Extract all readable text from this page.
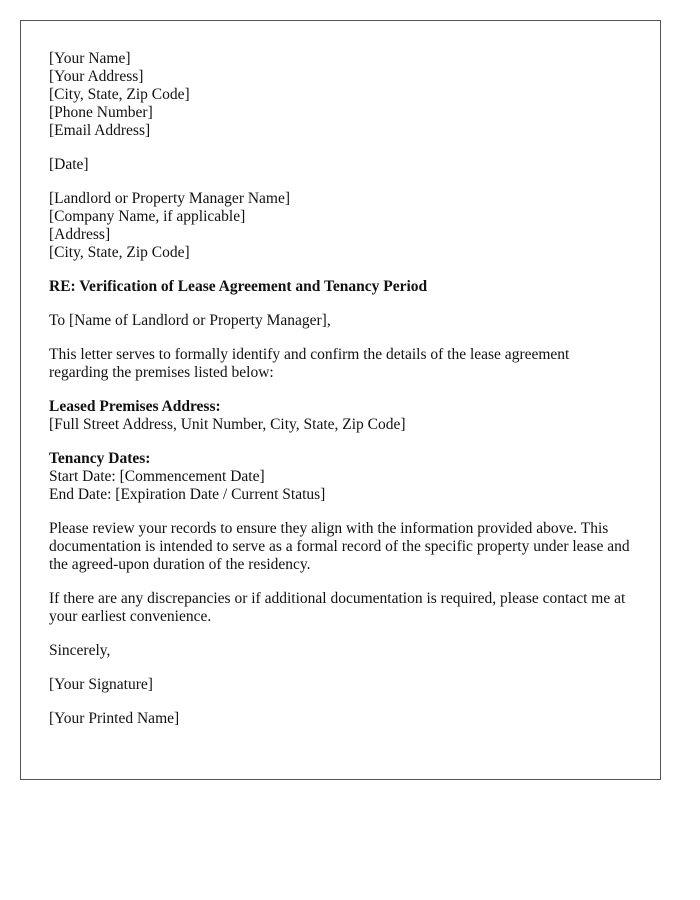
[Your Name]
[Your Address]
[City, State, Zip Code]
[Phone Number]
[Email Address]
[Date]
[Landlord or Property Manager Name]
[Company Name, if applicable]
[Address]
[City, State, Zip Code]
RE: Verification of Lease Agreement and Tenancy Period
To [Name of Landlord or Property Manager],

This letter serves to formally identify and confirm the details of the lease agreement regarding the premises listed below:

Leased Premises Address:
[Full Street Address, Unit Number, City, State, Zip Code]
Tenancy Dates:
Start Date: [Commencement Date]
End Date: [Expiration Date / Current Status]

Please review your records to ensure they align with the information provided above. This documentation is intended to serve as a formal record of the specific property under lease and the agreed-upon duration of the residency.

If there are any discrepancies or if additional documentation is required, please contact me at your earliest convenience.

Sincerely,
[Your Signature]
[Your Printed Name]
